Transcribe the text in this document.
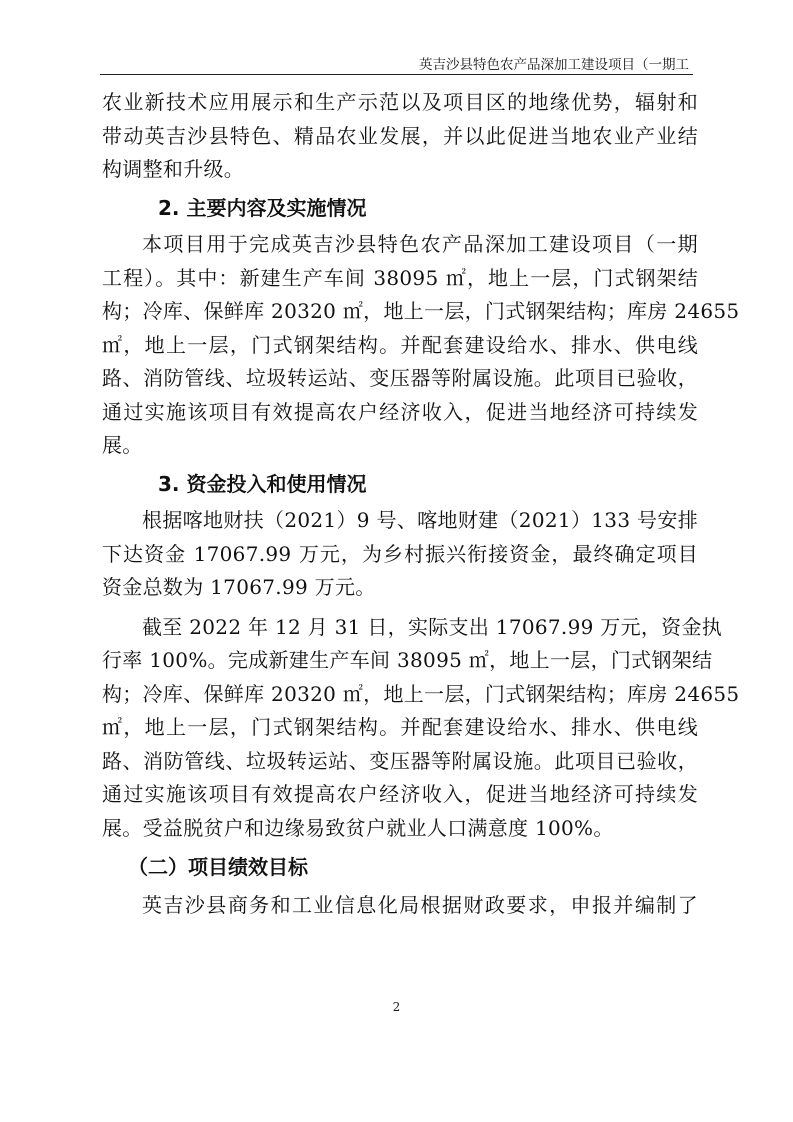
英吉沙县特色农产品深加工建设项目（一期工

农业新技术应用展示和生产示范以及项目区的地缘优势，辐射和
带动英吉沙县特色、精品农业发展，并以此促进当地农业产业结
构调整和升级。

2. 主要内容及实施情况

本项目用于完成英吉沙县特色农产品深加工建设项目（一期
工程）。其中：新建生产车间 38095 ㎡，地上一层，门式钢架结
构；冷库、保鲜库 20320 ㎡，地上一层，门式钢架结构；库房 24655
㎡，地上一层，门式钢架结构。并配套建设给水、排水、供电线
路、消防管线、垃圾转运站、变压器等附属设施。此项目已验收，
通过实施该项目有效提高农户经济收入，促进当地经济可持续发
展。

3. 资金投入和使用情况

根据喀地财扶（2021）9 号、喀地财建（2021）133 号安排
下达资金 17067.99 万元，为乡村振兴衔接资金，最终确定项目
资金总数为 17067.99 万元。

截至 2022 年 12 月 31 日，实际支出 17067.99 万元，资金执
行率 100%。完成新建生产车间 38095 ㎡，地上一层，门式钢架结
构；冷库、保鲜库 20320 ㎡，地上一层，门式钢架结构；库房 24655
㎡，地上一层，门式钢架结构。并配套建设给水、排水、供电线
路、消防管线、垃圾转运站、变压器等附属设施。此项目已验收，
通过实施该项目有效提高农户经济收入，促进当地经济可持续发
展。受益脱贫户和边缘易致贫户就业人口满意度 100%。

（二）项目绩效目标

英吉沙县商务和工业信息化局根据财政要求，申报并编制了

2
